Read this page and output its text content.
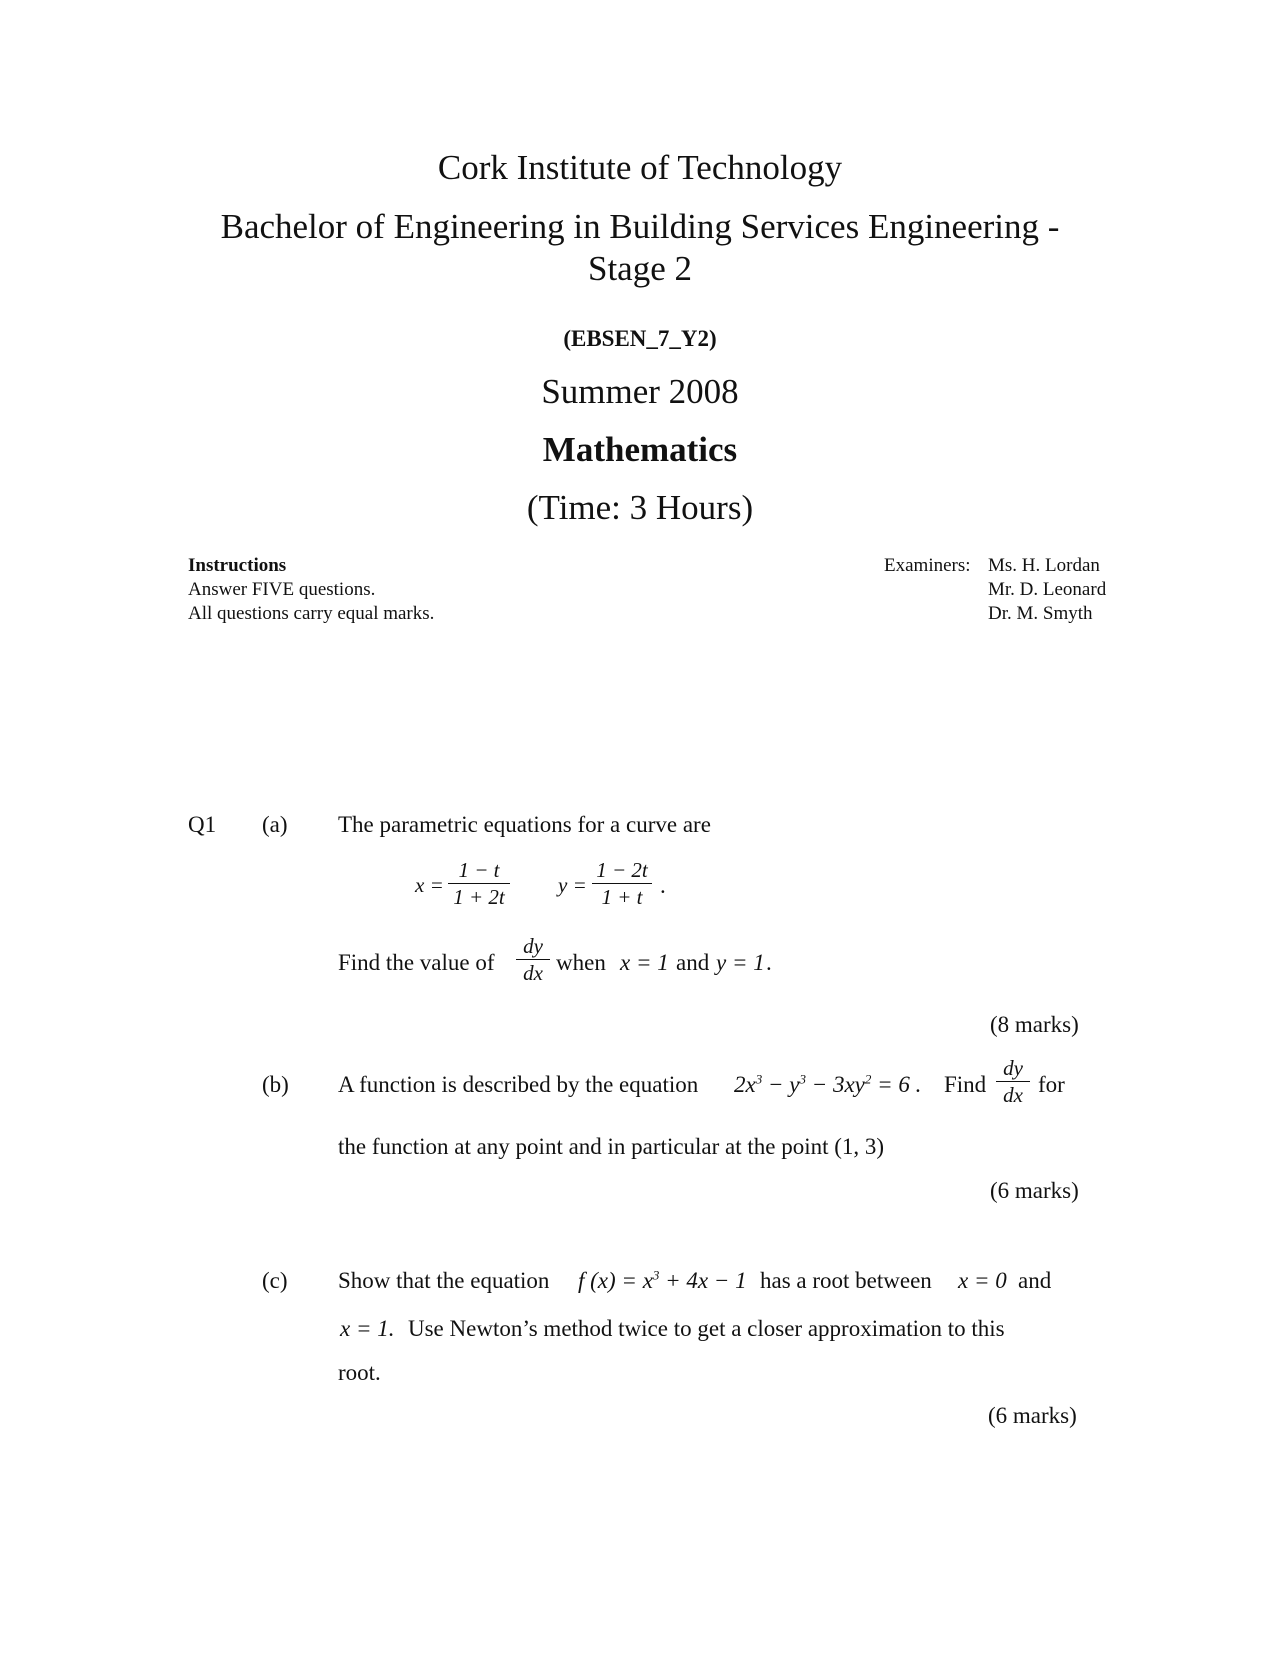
Cork Institute of Technology
Bachelor of Engineering in Building Services Engineering -
Stage 2
(EBSEN_7_Y2)
Summer 2008
Mathematics
(Time: 3 Hours)
Instructions
Answer FIVE questions.
All questions carry equal marks.
Examiners: Ms. H. Lordan
Mr. D. Leonard
Dr. M. Smyth
Q1 (a) The parametric equations for a curve are
$x = \frac{1 - t}{1 + 2t}$ $y = \frac{1 - 2t}{1 + t}$ .
Find the value of $\frac{dy}{dx}$ when x = 1 and y = 1 .
(8 marks)
(b) A function is described by the equation $2x^3 - y^3 - 3xy^2 = 6$ . Find $\frac{dy}{dx}$ for
the function at any point and in particular at the point (1, 3)
(6 marks)
(c) Show that the equation f $(x) = x^3 + 4x - 1$ has a root between x = 0 and
x = 1. Use Newton’s method twice to get a closer approximation to this
root.
(6 marks)
